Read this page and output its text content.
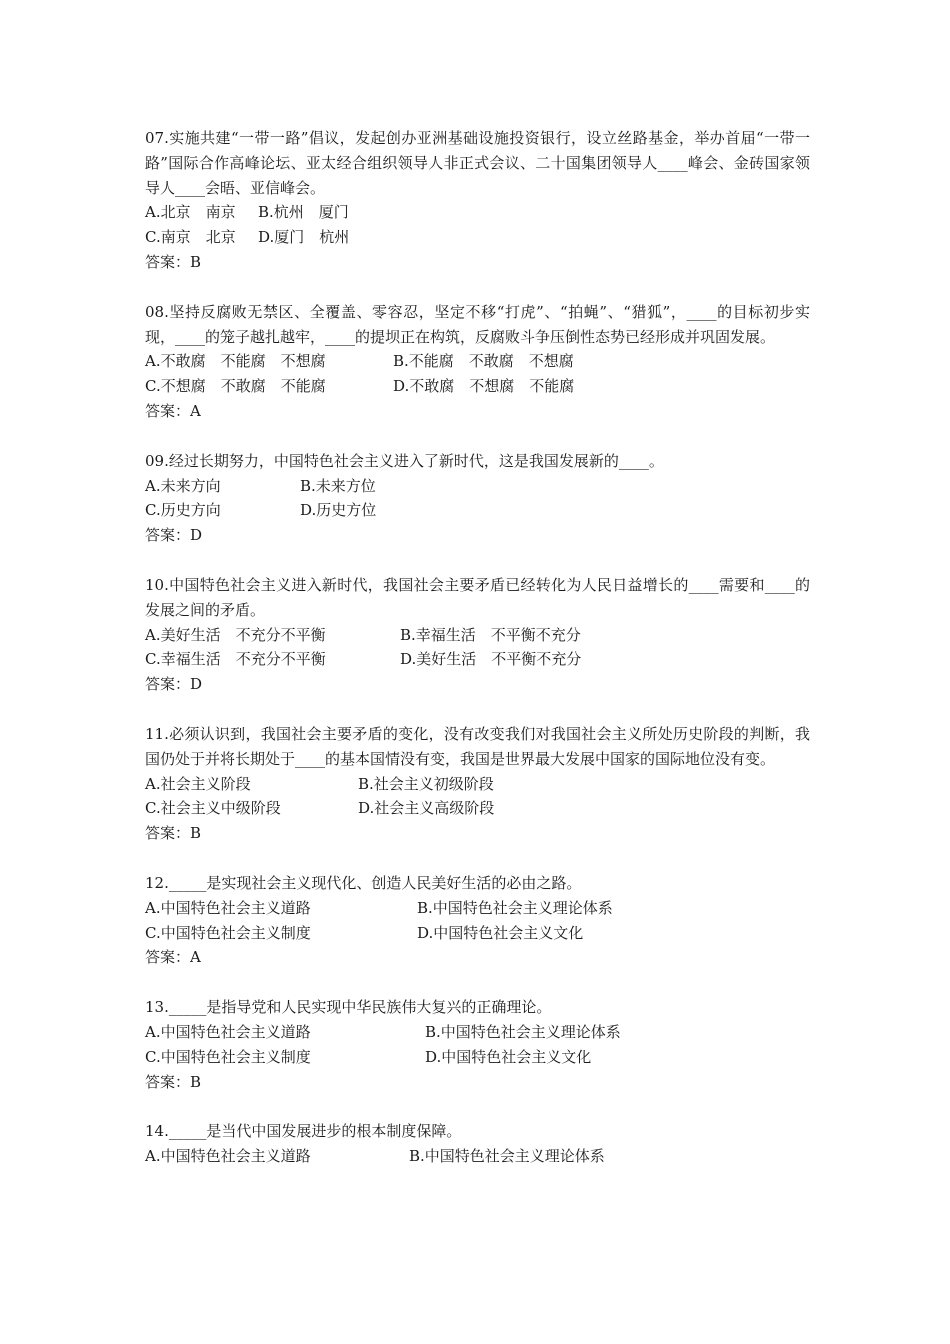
07.实施共建“一带一路”倡议，发起创办亚洲基础设施投资银行，设立丝路基金，举办首届“一带一路”国际合作高峰论坛、亚太经合组织领导人非正式会议、二十国集团领导人____峰会、金砖国家领导人____会晤、亚信峰会。
A.北京　南京	B.杭州　厦门
C.南京　北京	D.厦门　杭州
答案：B
08.坚持反腐败无禁区、全覆盖、零容忍，坚定不移“打虎”、“拍蝇”、“猎狐”，____的目标初步实现，____的笼子越扎越牢，____的提坝正在构筑，反腐败斗争压倒性态势已经形成并巩固发展。
A.不敢腐　不能腐　不想腐	B.不能腐　不敢腐　不想腐
C.不想腐　不敢腐　不能腐	D.不敢腐　不想腐　不能腐
答案：A
09.经过长期努力，中国特色社会主义进入了新时代，这是我国发展新的____。
A.未来方向	B.未来方位
C.历史方向	D.历史方位
答案：D
10.中国特色社会主义进入新时代，我国社会主要矛盾已经转化为人民日益增长的____需要和____的发展之间的矛盾。
A.美好生活　不充分不平衡	B.幸福生活　不平衡不充分
C.幸福生活　不充分不平衡	D.美好生活　不平衡不充分
答案：D
11.必须认识到，我国社会主要矛盾的变化，没有改变我们对我国社会主义所处历史阶段的判断，我国仍处于并将长期处于____的基本国情没有变，我国是世界最大发展中国家的国际地位没有变。
A.社会主义阶段	B.社会主义初级阶段
C.社会主义中级阶段	D.社会主义高级阶段
答案：B
12._____是实现社会主义现代化、创造人民美好生活的必由之路。
A.中国特色社会主义道路	B.中国特色社会主义理论体系
C.中国特色社会主义制度	D.中国特色社会主义文化
答案：A
13._____是指导党和人民实现中华民族伟大复兴的正确理论。
A.中国特色社会主义道路	B.中国特色社会主义理论体系
C.中国特色社会主义制度	D.中国特色社会主义文化
答案：B
14._____是当代中国发展进步的根本制度保障。
A.中国特色社会主义道路	B.中国特色社会主义理论体系
